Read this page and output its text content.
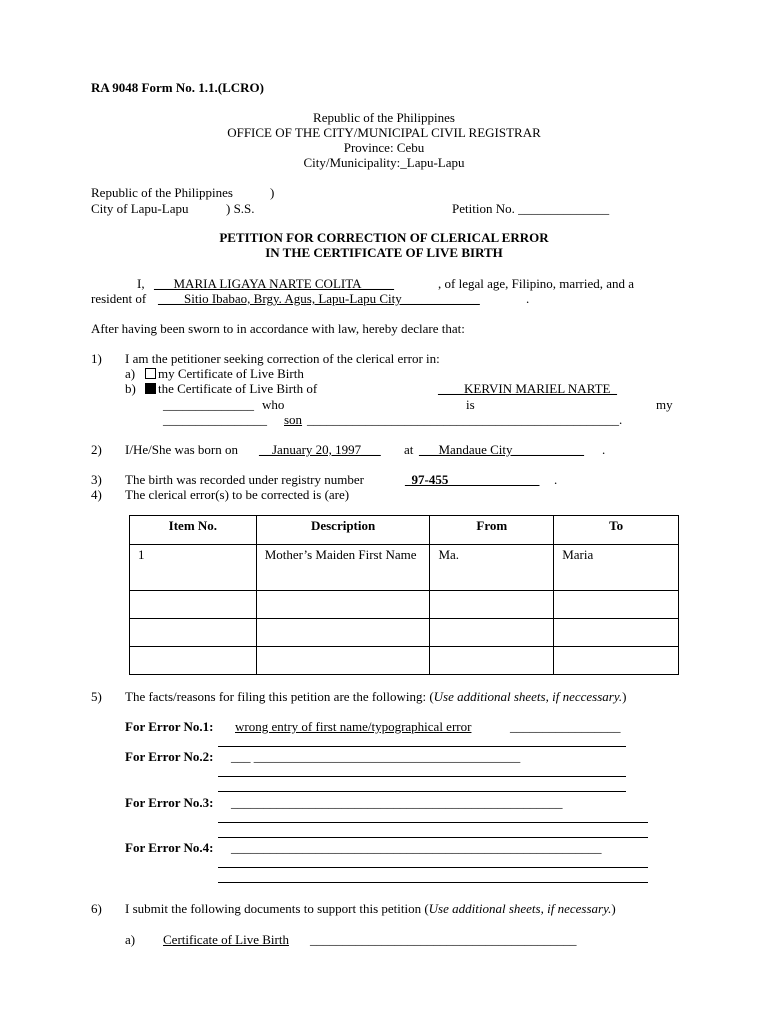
RA 9048 Form No. 1.1.(LCRO)
Republic of the Philippines
OFFICE OF THE CITY/MUNICIPAL CIVIL REGISTRAR
Province: Cebu
City/Municipality:_Lapu-Lapu
Republic of the Philippines	)
City of Lapu-Lapu	) S.S.	Petition No. ______________
PETITION FOR CORRECTION OF CLERICAL ERROR
IN THE CERTIFICATE OF LIVE BIRTH
I, ___MARIA LIGAYA NARTE COLITA_____	, of legal age, Filipino, married, and a
resident of ____Sitio Ibabao, Brgy. Agus, Lapu-Lapu City____________	.
After having been sworn to in accordance with law, hereby declare that:
1) I am the petitioner seeking correction of the clerical error in:
a)	my Certificate of Live Birth
b)	the Certificate of Live Birth of	____KERVIN MARIEL NARTE_
______________ who	is	my
________________ son ________________________________________________.
2) I/He/She was born on __January 20, 1997___ at ___Mandaue City___________ .
3) The birth was recorded under registry number	_97-455______________ .
4) The clerical error(s) to be corrected is (are)
Item No.	Description	From	To
1	Mother’s Maiden First Name	Ma.	Maria

5) The facts/reasons for filing this petition are the following: (Use additional sheets, if neccessary.)
For Error No.1: wrong entry of first name/typographical error	_________________
For Error No.2: ___ _________________________________________
For Error No.3: ___________________________________________________
For Error No.4: _________________________________________________________
6) I submit the following documents to support this petition (Use additional sheets, if necessary.)
a) Certificate of Live Birth _________________________________________
